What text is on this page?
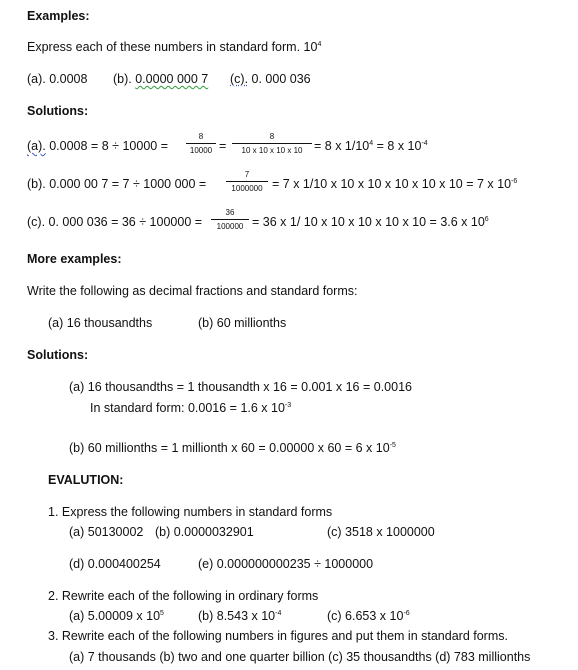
Examples:
Express each of these numbers in standard form. $10^4$
(a). 0.0008 (b). 0.0000 000 7 (c). 0. 000 036
Solutions:
(a). 0.0008 = 8 ÷ 10000 =
8
10000 =
8
10 x 10 x 10 x 10 = 8 x $1/10^4 = 8$ x $10^{-4}$
(b). 0.000 00 7 = 7 ÷ 1000 000 =
7
1000000 = 7 x 1/10 x 10 x 10 x 10 x 10 x 10 = 7 x $10^{-6}$
(c). 0. 000 036 = 36 ÷ 100000 =
36
100000 = 36 x 1/ 10 x 10 x 10 x 10 x 10 = 3.6 x $10^6$
More examples:
Write the following as decimal fractions and standard forms:
(a) 16 thousandths	(b) 60 millionths
Solutions:
(a) 16 thousandths = 1 thousandth x 16 = 0.001 x 16 = 0.0016
In standard form: 0.0016 = 1.6 x $10^{-3}$
(b) 60 millionths = 1 millionth x 60 = 0.00000 x 60 = 6 x $10^{-5}$
EVALUTION:
1. Express the following numbers in standard forms
(a) 50130002 (b) 0.0000032901	(c) 3518 x 1000000
(d) 0.000400254	(e) 0.000000000235 ÷ 1000000
2. Rewrite each of the following in ordinary forms
(a) 5.00009 x $10^5$	(b) 8.543 x $10^{-4}$	(c) 6.653 x $10^{-6}$
3. Rewrite each of the following numbers in figures and put them in standard forms.
(a) 7 thousands (b) two and one quarter billion (c) 35 thousandths (d) 783 millionths
